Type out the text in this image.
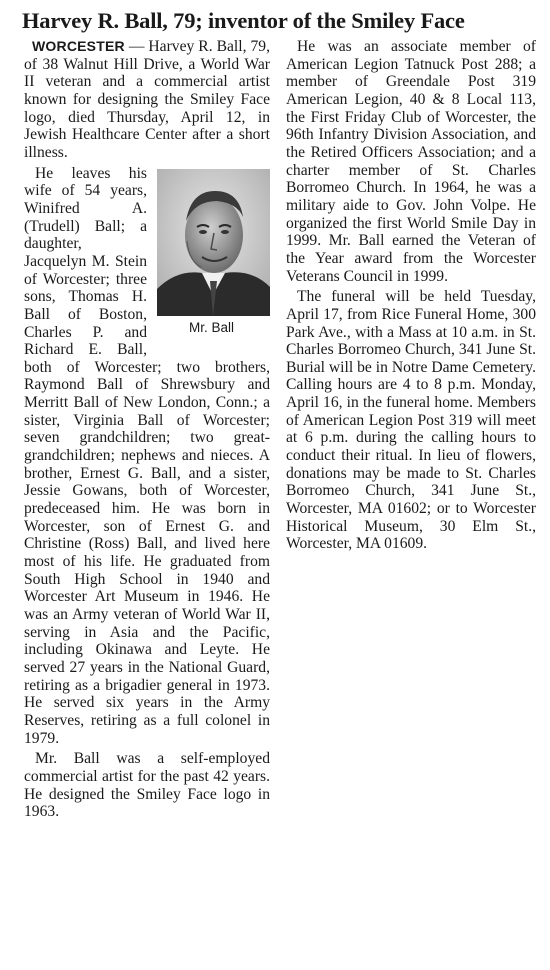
Harvey R. Ball, 79; inventor of the Smiley Face

WORCESTER — Harvey R. Ball, 79, of 38 Walnut Hill Drive, a World War II veteran and a commercial artist known for designing the Smiley Face logo, died Thursday, April 12, in Jewish Healthcare Center after a short illness.

Mr. Ball
He leaves his wife of 54 years, Winifred A. (Trudell) Ball; a daughter, Jacquelyn M. Stein of Worcester; three sons, Thomas H. Ball of Boston, Charles P. and Richard E. Ball, both of Worcester; two brothers, Raymond Ball of Shrewsbury and Merritt Ball of New London, Conn.; a sister, Virginia Ball of Worcester; seven grandchildren; two great-grandchildren; nephews and nieces. A brother, Ernest G. Ball, and a sister, Jessie Gowans, both of Worcester, predeceased him. He was born in Worcester, son of Ernest G. and Christine (Ross) Ball, and lived here most of his life. He graduated from South High School in 1940 and Worcester Art Museum in 1946. He was an Army veteran of World War II, serving in Asia and the Pacific, including Okinawa and Leyte. He served 27 years in the National Guard, retiring as a brigadier general in 1973. He served six years in the Army Reserves, retiring as a full colonel in 1979.

Mr. Ball was a self-employed commercial artist for the past 42 years. He designed the Smiley Face logo in 1963.

He was an associate member of American Legion Tatnuck Post 288; a member of Greendale Post 319 American Legion, 40 & 8 Local 113, the First Friday Club of Worcester, the 96th Infantry Division Association, and the Retired Officers Association; and a charter member of St. Charles Borromeo Church. In 1964, he was a military aide to Gov. John Volpe. He organized the first World Smile Day in 1999. Mr. Ball earned the Veteran of the Year award from the Worcester Veterans Council in 1999.

The funeral will be held Tuesday, April 17, from Rice Funeral Home, 300 Park Ave., with a Mass at 10 a.m. in St. Charles Borromeo Church, 341 June St. Burial will be in Notre Dame Cemetery. Calling hours are 4 to 8 p.m. Monday, April 16, in the funeral home. Members of American Legion Post 319 will meet at 6 p.m. during the calling hours to conduct their ritual. In lieu of flowers, donations may be made to St. Charles Borromeo Church, 341 June St., Worcester, MA 01602; or to Worcester Historical Museum, 30 Elm St., Worcester, MA 01609.
